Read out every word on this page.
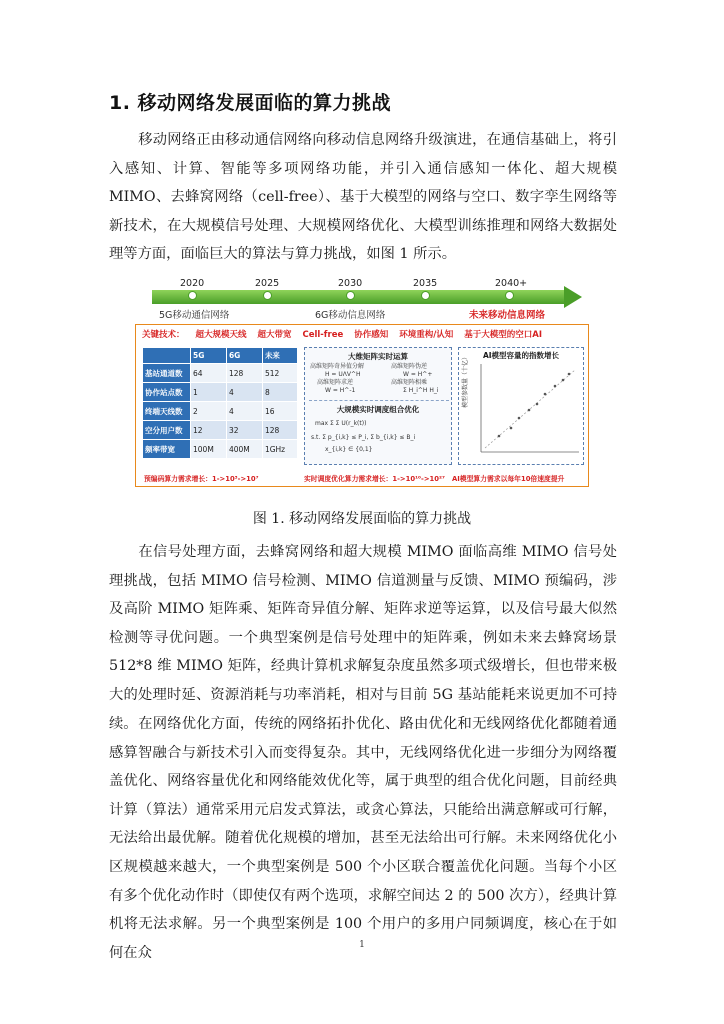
1. 移动网络发展面临的算力挑战
移动网络正由移动通信网络向移动信息网络升级演进，在通信基础上，将引入感知、计算、智能等多项网络功能，并引入通信感知一体化、超大规模 MIMO、去蜂窝网络（cell-free）、基于大模型的网络与空口、数字孪生网络等新技术，在大规模信号处理、大规模网络优化、大模型训练推理和网络大数据处理等方面，面临巨大的算法与算力挑战，如图 1 所示。
2020	2025	2030	2035	2040+
5G移动通信网络	6G移动信息网络	未来移动信息网络
关键技术： 超大规模天线 超大带宽 Cell-free 协作感知 环境重构/认知 基于大模型的空口AI
	5G	6G	未来
基站通道数	64	128	512
协作站点数	1	4	8
终端天线数	2	4	16
空分用户数	12	32	128
频率带宽	100M	400M	1GHz
大维矩阵实时运算
高维矩阵奇异值分解	高维矩阵伪逆
H = UΛV^H	W = H^+
高维矩阵求逆	高维矩阵相乘
W = H^-1	Σ H_i^H H_i
大规模实时调度组合优化
max Σ Σ U(r_k(t))
s.t. Σ p_{i,k} ≤ P_i, Σ b_{i,k} ≤ B_i
x_{i,k} ∈ {0,1}
AI模型容量的指数增长
模型参数量（十亿）
预编码算力需求增长：1->10³->10⁷	实时调度优化算力需求增长：1->10¹⁰->10²⁷ AI模型算力需求以每年10倍速度提升
图 1. 移动网络发展面临的算力挑战
在信号处理方面，去蜂窝网络和超大规模 MIMO 面临高维 MIMO 信号处理挑战，包括 MIMO 信号检测、MIMO 信道测量与反馈、MIMO 预编码，涉及高阶 MIMO 矩阵乘、矩阵奇异值分解、矩阵求逆等运算，以及信号最大似然检测等寻优问题。一个典型案例是信号处理中的矩阵乘，例如未来去蜂窝场景 512*8 维 MIMO 矩阵，经典计算机求解复杂度虽然多项式级增长，但也带来极大的处理时延、资源消耗与功率消耗，相对与目前 5G 基站能耗来说更加不可持续。 在网络优化方面，传统的网络拓扑优化、路由优化和无线网络优化都随着通感算智融合与新技术引入而变得复杂。其中，无线网络优化进一步细分为网络覆盖优化、网络容量优化和网络能效优化等，属于典型的组合优化问题，目前经典计算（算法）通常采用元启发式算法，或贪心算法，只能给出满意解或可行解，无法给出最优解。随着优化规模的增加，甚至无法给出可行解。未来网络优化小区规模越来越大，一个典型案例是 500 个小区联合覆盖优化问题。当每个小区有多个优化动作时（即使仅有两个选项，求解空间达 2 的 500 次方），经典计算机将无法求解。另一个典型案例是 100 个用户的多用户同频调度，核心在于如何在众	1
